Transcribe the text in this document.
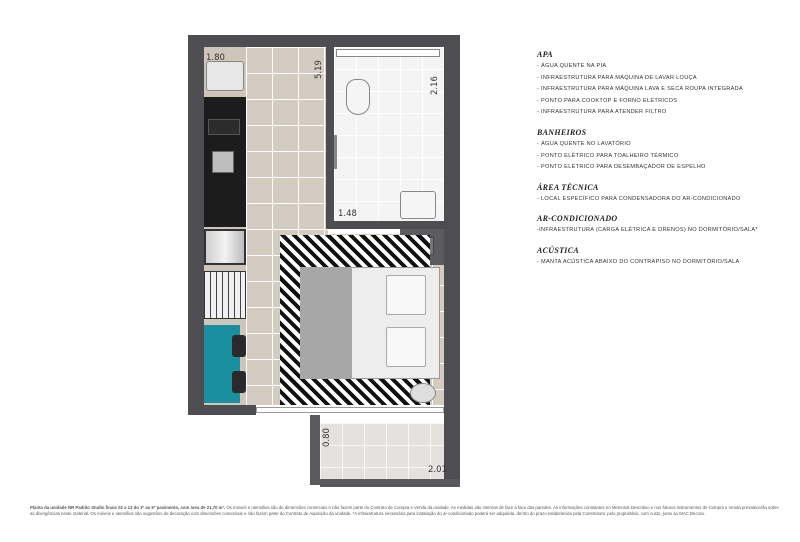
1.80
5.19
2.16
1.48
0.80
2.01
APA
- ÁGUA QUENTE NA PIA
- INFRAESTRUTURA PARA MÁQUINA DE LAVAR LOUÇA
- INFRAESTRUTURA PARA MÁQUINA LAVA E SECA ROUPA INTEGRADA
- PONTO PARA COOKTOP E FORNO ELÉTRICOS
- INFRAESTRUTURA PARA ATENDER FILTRO
BANHEIROS
- ÁGUA QUENTE NO LAVATÓRIO
- PONTO ELÉTRICO PARA TOALHEIRO TÉRMICO
- PONTO ELÉTRICO PARA DESEMBAÇADOR DE ESPELHO
ÁREA TÉCNICA
- LOCAL ESPECÍFICO PARA CONDENSADORA DO AR-CONDICIONADO
AR-CONDICIONADO
-INFRAESTRUTURA (CARGA ELÉTRICA E DRENOS) NO DORMITÓRIO/SALA*
ACÚSTICA
- MANTA ACÚSTICA ABAIXO DO CONTRAPISO NO DORMITÓRIO/SALA
Planta da unidade NR Padrão Studio finais 02 a 13 do 3º ao 9º pavimento, com área de 21,70 m². Os móveis e utensílios são de dimensões comerciais e não fazem parte do Contrato de Compra e Venda da unidade. As medidas são internas de face a face das paredes. As informações constantes no Memorial Descritivo e nos futuros instrumentos de Compra e Venda prevalecerão sobre as divergências neste material. Os móveis e utensílios são sugestões de decoração com dimensões comerciais e não fazem parte do Contrato de Aquisição da unidade. *A infraestrutura necessária para instalação do ar-condicionado poderá ser adquirida, dentro do prazo estabelecido pela Construtora, pelo proprietário, com custo, junto ao MAC Decora.
